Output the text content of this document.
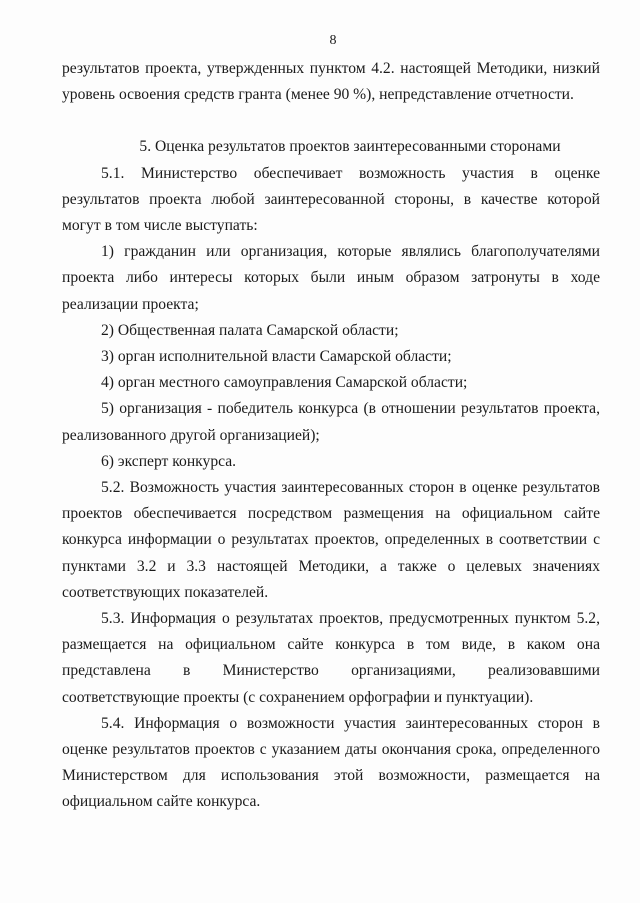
8

результатов проекта, утвержденных пунктом 4.2. настоящей Методики, низкий уровень освоения средств гранта (менее 90 %), непредставление отчетности.

5. Оценка результатов проектов заинтересованными сторонами

5.1. Министерство обеспечивает возможность участия в оценке результатов проекта любой заинтересованной стороны, в качестве которой могут в том числе выступать:

1) гражданин или организация, которые являлись благополучателями проекта либо интересы которых были иным образом затронуты в ходе реализации проекта;

2) Общественная палата Самарской области;

3) орган исполнительной власти Самарской области;

4) орган местного самоуправления Самарской области;

5) организация - победитель конкурса (в отношении результатов проекта, реализованного другой организацией);

6) эксперт конкурса.

5.2. Возможность участия заинтересованных сторон в оценке результатов проектов обеспечивается посредством размещения на официальном сайте конкурса информации о результатах проектов, определенных в соответствии с пунктами 3.2 и 3.3 настоящей Методики, а также о целевых значениях соответствующих показателей.

5.3. Информация о результатах проектов, предусмотренных пунктом 5.2, размещается на официальном сайте конкурса в том виде, в каком она представлена в Министерство организациями, реализовавшими соответствующие проекты (с сохранением орфографии и пунктуации).

5.4. Информация о возможности участия заинтересованных сторон в оценке результатов проектов с указанием даты окончания срока, определенного Министерством для использования этой возможности, размещается на официальном сайте конкурса.
